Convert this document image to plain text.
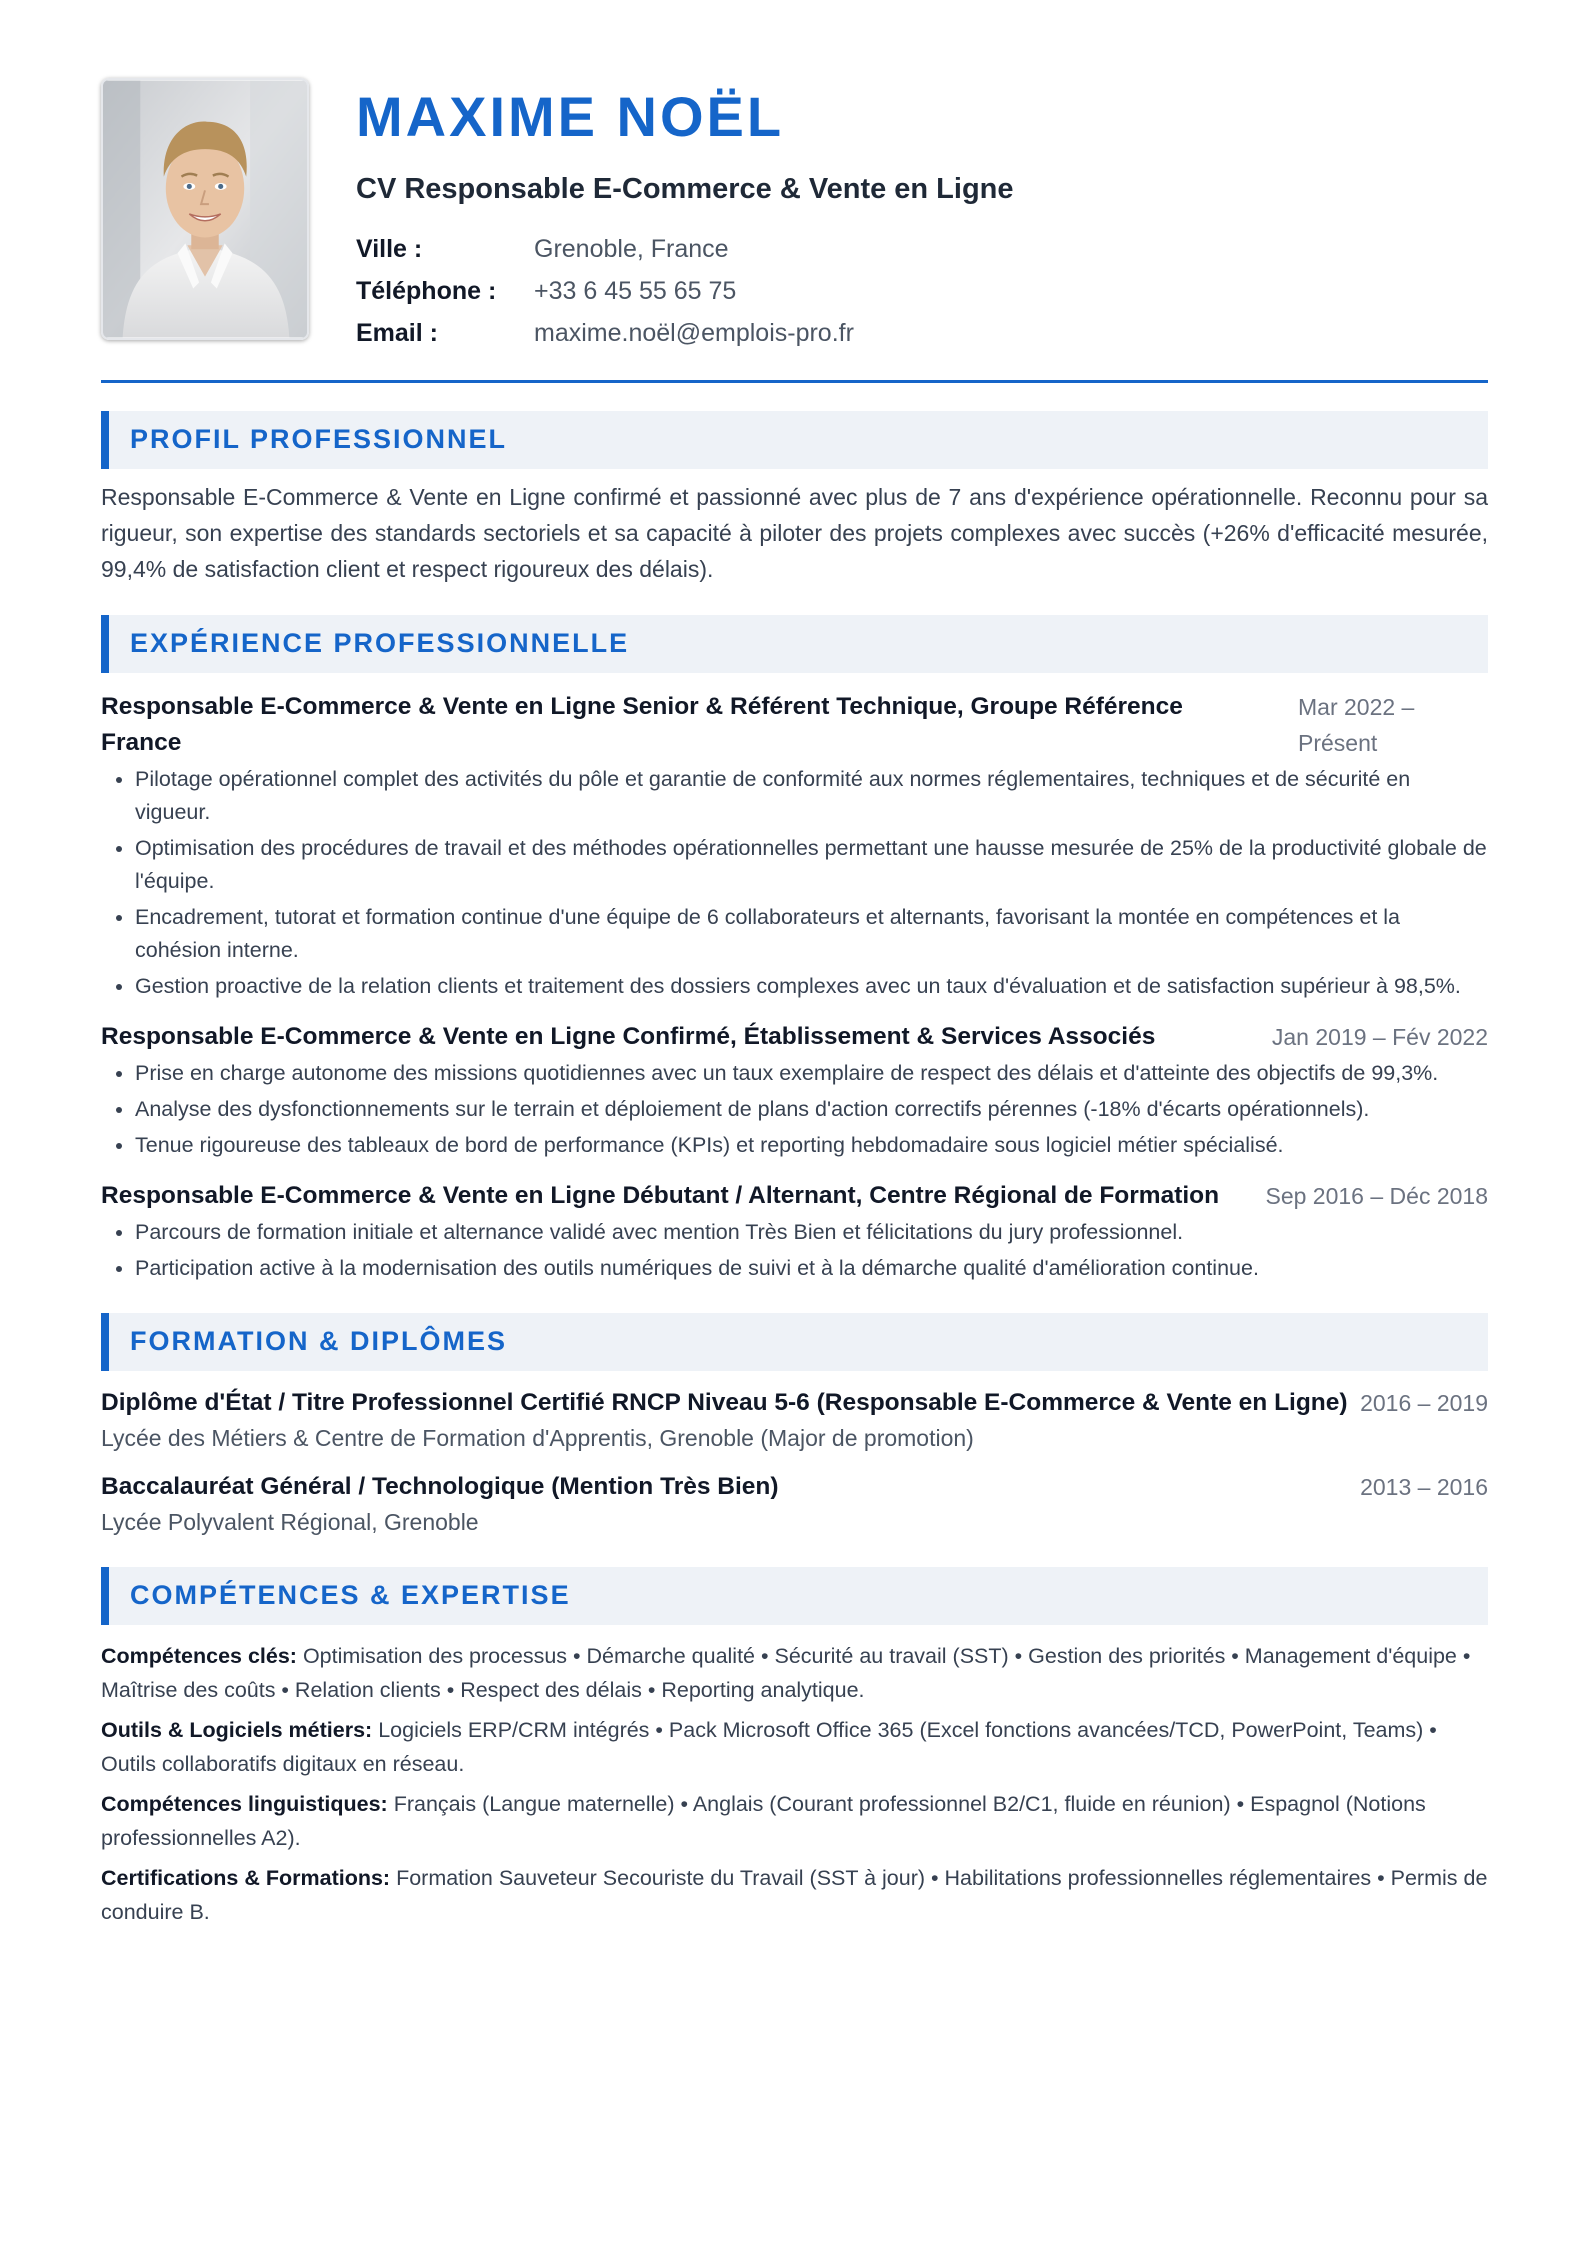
MAXIME NOËL
CV Responsable E-Commerce & Vente en Ligne
Ville :	Grenoble, France
Téléphone :	+33 6 45 55 65 75
Email :	maxime.noël@emplois-pro.fr
PROFIL PROFESSIONNEL
Responsable E-Commerce & Vente en Ligne confirmé et passionné avec plus de 7 ans d'expérience opérationnelle. Reconnu pour sa rigueur, son expertise des standards sectoriels et sa capacité à piloter des projets complexes avec succès (+26% d'efficacité mesurée, 99,4% de satisfaction client et respect rigoureux des délais).
EXPÉRIENCE PROFESSIONNELLE
Responsable E-Commerce & Vente en Ligne Senior & Référent Technique, Groupe Référence France
Mar 2022 – Présent
• Pilotage opérationnel complet des activités du pôle et garantie de conformité aux normes réglementaires, techniques et de sécurité en vigueur.
• Optimisation des procédures de travail et des méthodes opérationnelles permettant une hausse mesurée de 25% de la productivité globale de l'équipe.
• Encadrement, tutorat et formation continue d'une équipe de 6 collaborateurs et alternants, favorisant la montée en compétences et la cohésion interne.
• Gestion proactive de la relation clients et traitement des dossiers complexes avec un taux d'évaluation et de satisfaction supérieur à 98,5%.
Responsable E-Commerce & Vente en Ligne Confirmé, Établissement & Services Associés	Jan 2019 – Fév 2022
• Prise en charge autonome des missions quotidiennes avec un taux exemplaire de respect des délais et d'atteinte des objectifs de 99,3%.
• Analyse des dysfonctionnements sur le terrain et déploiement de plans d'action correctifs pérennes (-18% d'écarts opérationnels).
• Tenue rigoureuse des tableaux de bord de performance (KPIs) et reporting hebdomadaire sous logiciel métier spécialisé.
Responsable E-Commerce & Vente en Ligne Débutant / Alternant, Centre Régional de Formation	Sep 2016 – Déc 2018
• Parcours de formation initiale et alternance validé avec mention Très Bien et félicitations du jury professionnel.
• Participation active à la modernisation des outils numériques de suivi et à la démarche qualité d'amélioration continue.
FORMATION & DIPLÔMES
Diplôme d'État / Titre Professionnel Certifié RNCP Niveau 5-6 (Responsable E-Commerce & Vente en Ligne) 2016 – 2019
Lycée des Métiers & Centre de Formation d'Apprentis, Grenoble (Major de promotion)
Baccalauréat Général / Technologique (Mention Très Bien)	2013 – 2016
Lycée Polyvalent Régional, Grenoble
COMPÉTENCES & EXPERTISE
Compétences clés: Optimisation des processus • Démarche qualité • Sécurité au travail (SST) • Gestion des priorités • Management d'équipe • Maîtrise des coûts • Relation clients • Respect des délais • Reporting analytique.
Outils & Logiciels métiers: Logiciels ERP/CRM intégrés • Pack Microsoft Office 365 (Excel fonctions avancées/TCD, PowerPoint, Teams) • Outils collaboratifs digitaux en réseau.
Compétences linguistiques: Français (Langue maternelle) • Anglais (Courant professionnel B2/C1, fluide en réunion) • Espagnol (Notions professionnelles A2).
Certifications & Formations: Formation Sauveteur Secouriste du Travail (SST à jour) • Habilitations professionnelles réglementaires • Permis de conduire B.
